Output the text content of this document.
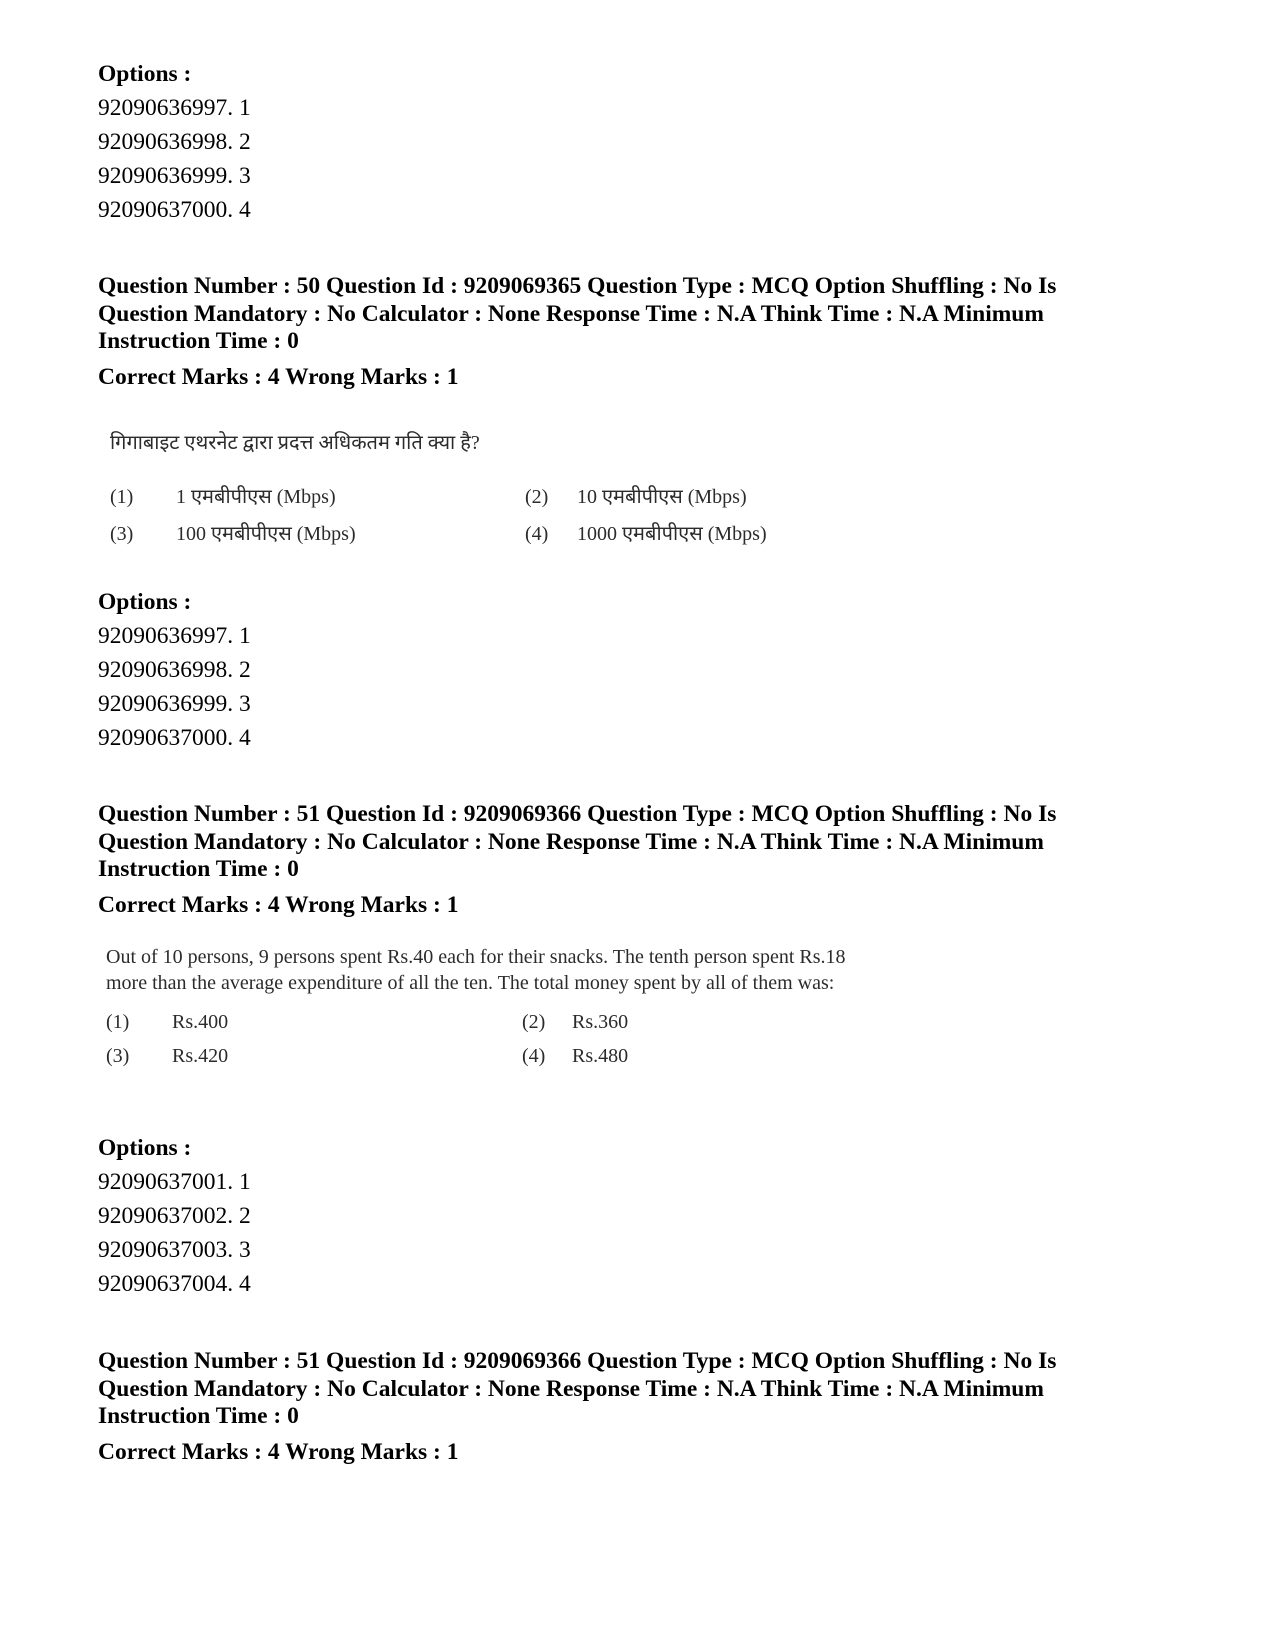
Options :

92090636997. 1

92090636998. 2

92090636999. 3

92090637000. 4

Question Number : 50 Question Id : 9209069365 Question Type : MCQ Option Shuffling : No Is

Question Mandatory : No Calculator : None Response Time : N.A Think Time : N.A Minimum

Instruction Time : 0

Correct Marks : 4 Wrong Marks : 1

गिगाबाइट एथरनेट द्वारा प्रदत्त अधिकतम गति क्या है?

(1) 1 एमबीपीएस (Mbps)	(2) 10 एमबीपीएस (Mbps)
(3) 100 एमबीपीएस (Mbps)	(4) 1000 एमबीपीएस (Mbps)

Options :

92090636997. 1

92090636998. 2

92090636999. 3

92090637000. 4

Question Number : 51 Question Id : 9209069366 Question Type : MCQ Option Shuffling : No Is

Question Mandatory : No Calculator : None Response Time : N.A Think Time : N.A Minimum

Instruction Time : 0

Correct Marks : 4 Wrong Marks : 1

Out of 10 persons, 9 persons spent Rs.40 each for their snacks. The tenth person spent Rs.18

more than the average expenditure of all the ten. The total money spent by all of them was:

(1) Rs.400	(2) Rs.360
(3) Rs.420	(4) Rs.480

Options :

92090637001. 1

92090637002. 2

92090637003. 3

92090637004. 4

Question Number : 51 Question Id : 9209069366 Question Type : MCQ Option Shuffling : No Is

Question Mandatory : No Calculator : None Response Time : N.A Think Time : N.A Minimum

Instruction Time : 0

Correct Marks : 4 Wrong Marks : 1
